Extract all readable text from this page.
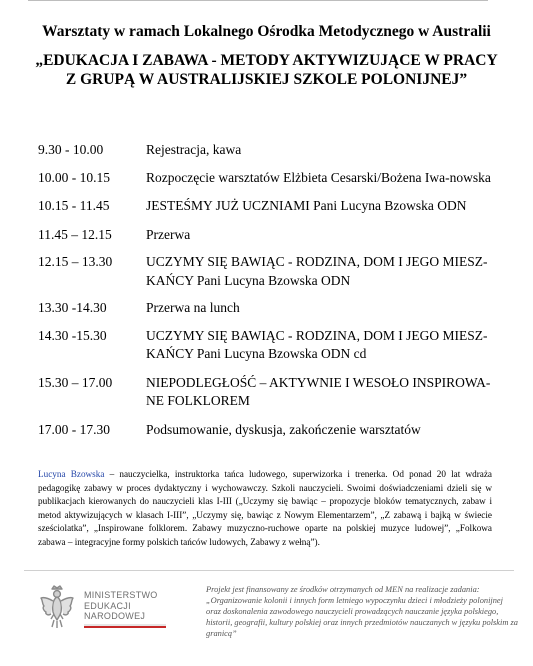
Warsztaty w ramach Lokalnego Ośrodka Metodycznego w Australii
„EDUKACJA I ZABAWA - METODY AKTYWIZUJĄCE W PRACY Z GRUPĄ W AUSTRALIJSKIEJ SZKOLE POLONIJNEJ”
9.30 - 10.00	Rejestracja, kawa
10.00 - 10.15	Rozpoczęcie warsztatów Elżbieta Cesarski/Bożena Iwa-nowska
10.15 - 11.45	JESTEŚMY JUŻ UCZNIAMI Pani Lucyna Bzowska ODN
11.45 – 12.15	Przerwa
12.15 – 13.30	UCZYMY SIĘ BAWIĄC - RODZINA, DOM I JEGO MIESZ-KAŃCY Pani Lucyna Bzowska ODN
13.30 -14.30	Przerwa na lunch
14.30 -15.30	UCZYMY SIĘ BAWIĄC - RODZINA, DOM I JEGO MIESZ-KAŃCY Pani Lucyna Bzowska ODN cd
15.30 – 17.00	NIEPODLEGŁOŚĆ – AKTYWNIE I WESOŁO INSPIROWA-NE FOLKLOREM
17.00 - 17.30	Podsumowanie, dyskusja, zakończenie warsztatów
Lucyna Bzowska – nauczycielka, instruktorka tańca ludowego, superwizorka i trenerka. Od ponad 20 lat wdraża pedagogikę zabawy w proces dydaktyczny i wychowawczy. Szkoli nauczycieli. Swoimi doświadczeniami dzieli się w publikacjach kierowanych do nauczycieli klas I-III („Uczymy się bawiąc – propozycje bloków tematycznych, zabaw i metod aktywizujących w klasach I-III”, „Uczymy się, bawiąc z Nowym Elementarzem”, „Z zabawą i bajką w świecie sześciolatka”, „Inspirowane folklorem. Zabawy muzyczno-ruchowe oparte na polskiej muzyce ludowej”, „Folkowa zabawa – integracyjne formy polskich tańców ludowych, Zabawy z wełną”).
MINISTERSTWO
EDUKACJI
NARODOWEJ
Projekt jest finansowany ze środków otrzymanych od MEN na realizacje zadania: „Organizowanie kolonii i innych form letniego wypoczynku dzieci i młodzieży polonijnej oraz doskonalenia zawodowego nauczycieli prowadzących nauczanie języka polskiego, historii, geografii, kultury polskiej oraz innych przedmiotów nauczanych w języku polskim za granicą”
